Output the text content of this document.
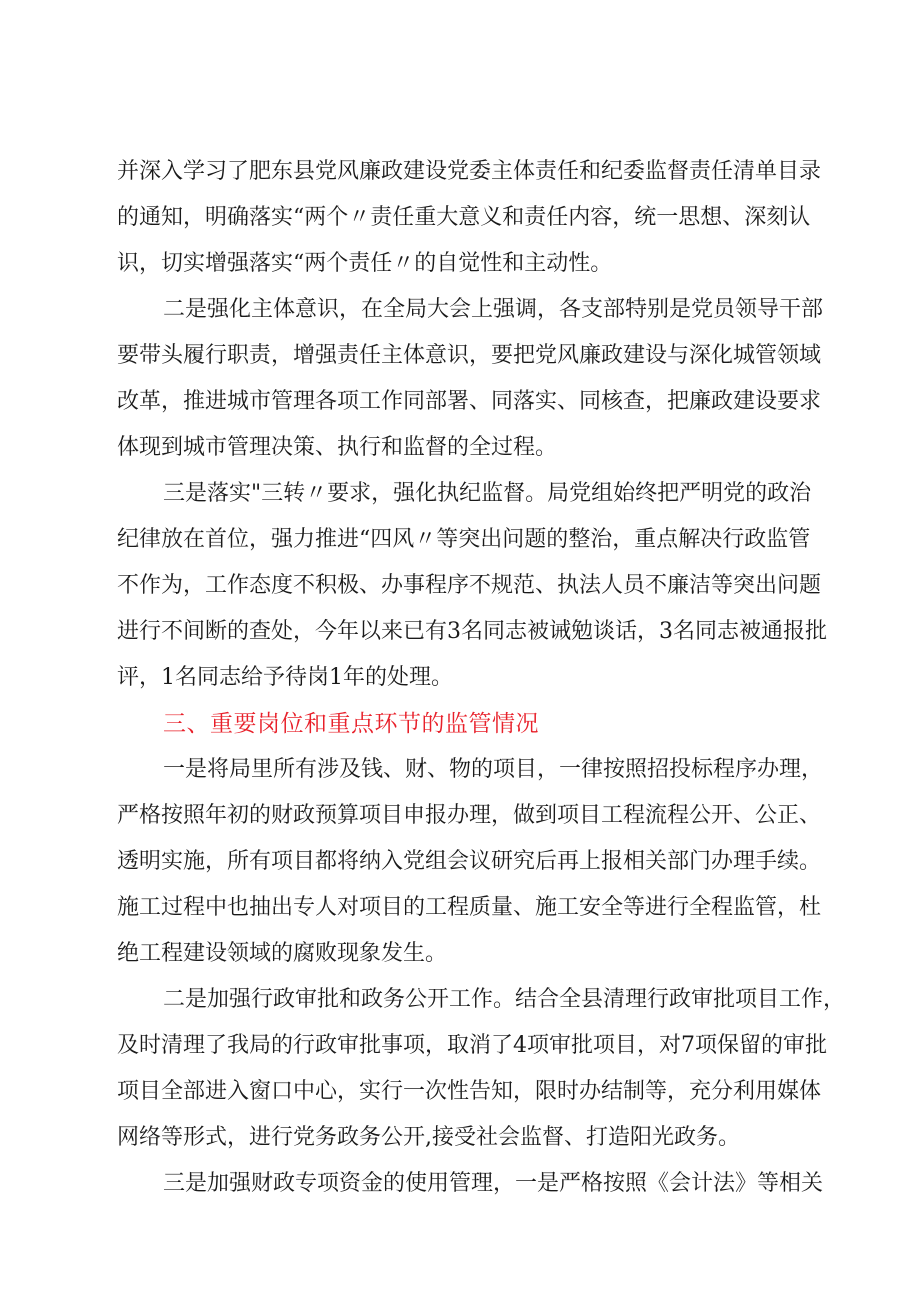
并深入学习了肥东县党风廉政建设党委主体责任和纪委监督责任清单目录
的通知，明确落实“两个〃责任重大意义和责任内容，统一思想、深刻认
识，切实增强落实“两个责任〃的自觉性和主动性。
二是强化主体意识，在全局大会上强调，各支部特别是党员领导干部
要带头履行职责，增强责任主体意识，要把党风廉政建设与深化城管领域
改革，推进城市管理各项工作同部署、同落实、同核查，把廉政建设要求
体现到城市管理决策、执行和监督的全过程。
三是落实"三转〃要求，强化执纪监督。局党组始终把严明党的政治
纪律放在首位，强力推进“四风〃等突出问题的整治，重点解决行政监管
不作为，工作态度不积极、办事程序不规范、执法人员不廉洁等突出问题
进行不间断的查处，今年以来已有3名同志被诫勉谈话，3名同志被通报批
评，1名同志给予待岗1年的处理。
三、重要岗位和重点环节的监管情况
一是将局里所有涉及钱、财、物的项目，一律按照招投标程序办理，
严格按照年初的财政预算项目申报办理，做到项目工程流程公开、公正、
透明实施，所有项目都将纳入党组会议研究后再上报相关部门办理手续。
施工过程中也抽出专人对项目的工程质量、施工安全等进行全程监管，杜
绝工程建设领域的腐败现象发生。
二是加强行政审批和政务公开工作。结合全县清理行政审批项目工作，
及时清理了我局的行政审批事项，取消了4项审批项目，对7项保留的审批
项目全部进入窗口中心，实行一次性告知，限时办结制等，充分利用媒体
网络等形式，进行党务政务公开,接受社会监督、打造阳光政务。
三是加强财政专项资金的使用管理，一是严格按照《会计法》等相关
